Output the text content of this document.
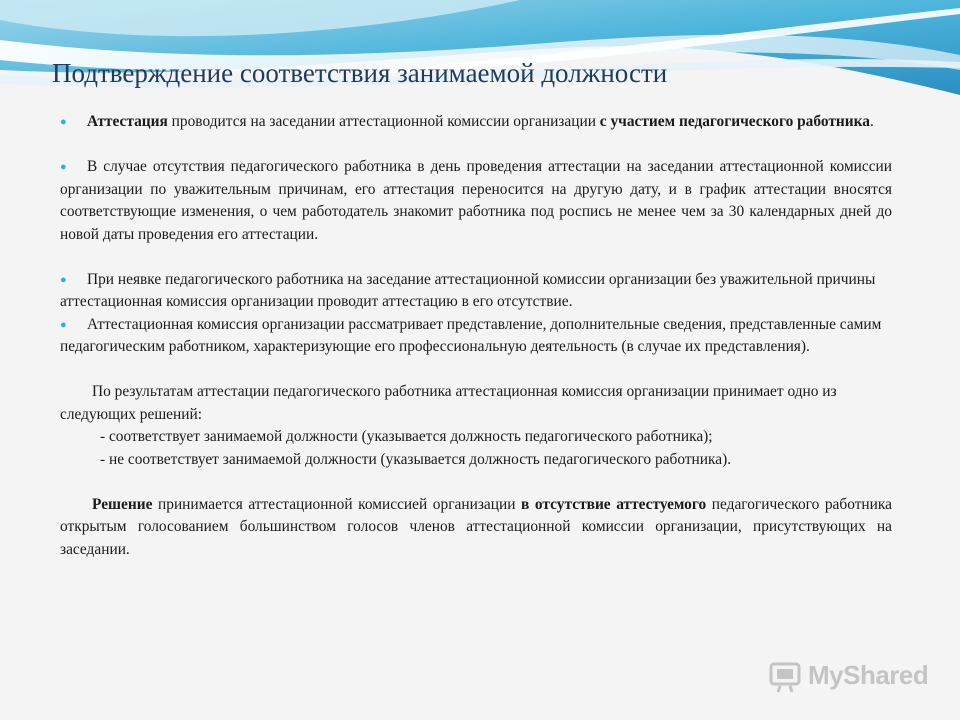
Подтверждение соответствия занимаемой должности

● Аттестация проводится на заседании аттестационной комиссии организации с участием педагогического работника.

● В случае отсутствия педагогического работника в день проведения аттестации на заседании аттестационной комиссии организации по уважительным причинам, его аттестация переносится на другую дату, и в график аттестации вносятся соответствующие изменения, о чем работодатель знакомит работника под роспись не менее чем за 30 календарных дней до новой даты проведения его аттестации.

● При неявке педагогического работника на заседание аттестационной комиссии организации без уважительной причины аттестационная комиссия организации проводит аттестацию в его отсутствие.

● Аттестационная комиссия организации рассматривает представление, дополнительные сведения, представленные самим педагогическим работником, характеризующие его профессиональную деятельность (в случае их представления).

По результатам аттестации педагогического работника аттестационная комиссия организации принимает одно из следующих решений:

- соответствует занимаемой должности (указывается должность педагогического работника);

- не соответствует занимаемой должности (указывается должность педагогического работника).

Решение принимается аттестационной комиссией организации в отсутствие аттестуемого педагогического работника открытым голосованием большинством голосов членов аттестационной комиссии организации, присутствующих на заседании.

MyShared
